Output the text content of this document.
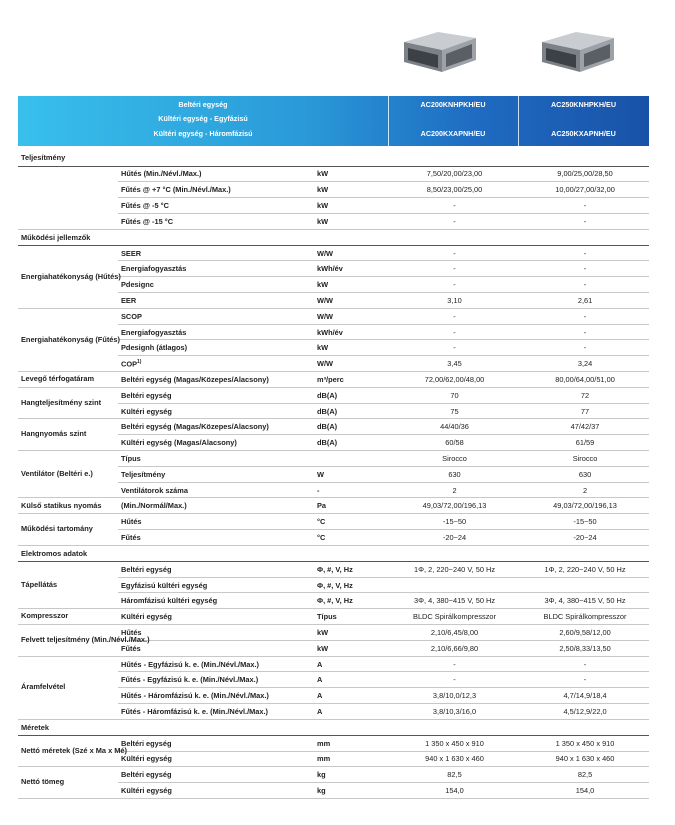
Beltéri egység
Kültéri egység - Egyfázisú
Kültéri egység - Háromfázisú
AC200KNHPKH/EU
AC200KXAPNH/EU
AC250KNHPKH/EU
AC250KXAPNH/EU
Teljesítmény				
	Hűtés (Min./Névl./Max.)	kW	7,50/20,00/23,00	9,00/25,00/28,50
	Fűtés @ +7 °C (Min./Névl./Max.)	kW	8,50/23,00/25,00	10,00/27,00/32,00
	Fűtés @ -5 °C	kW	-	-
	Fűtés @ -15 °C	kW	-	-
Működési jellemzők				
Energiahatékonyság (Hűtés)	SEER	W/W	-	-
	Energiafogyasztás	kWh/év	-	-
	Pdesignc	kW	-	-
	EER	W/W	3,10	2,61
Energiahatékonyság (Fűtés)	SCOP	W/W	-	-
	Energiafogyasztás	kWh/év	-	-
	Pdesignh (átlagos)	kW	-	-
	COP$^{1)}$	W/W	3,45	3,24
Levegő térfogatáram	Beltéri egység (Magas/Közepes/Alacsony)	m³/perc	72,00/62,00/48,00	80,00/64,00/51,00
Hangteljesítmény szint	Beltéri egység	dB(A)	70	72
	Kültéri egység	dB(A)	75	77
Hangnyomás szint	Beltéri egység (Magas/Közepes/Alacsony)	dB(A)	44/40/36	47/42/37
	Kültéri egység (Magas/Alacsony)	dB(A)	60/58	61/59
Ventilátor (Beltéri e.)	Típus		Sirocco	Sirocco
	Teljesítmény	W	630	630
	Ventilátorok száma	-	2	2
Külső statikus nyomás	(Min./Normál/Max.)	Pa	49,03/72,00/196,13	49,03/72,00/196,13
Működési tartomány	Hűtés	°C	-15~50	-15~50
	Fűtés	°C	-20~24	-20~24
Elektromos adatok				
Tápellátás	Beltéri egység	Φ, #, V, Hz	1Φ, 2, 220~240 V, 50 Hz	1Φ, 2, 220~240 V, 50 Hz
	Egyfázisú kültéri egység	Φ, #, V, Hz		
	Háromfázisú kültéri egység	Φ, #, V, Hz	3Φ, 4, 380~415 V, 50 Hz	3Φ, 4, 380~415 V, 50 Hz
Kompresszor	Kültéri egység	Típus	BLDC Spirálkompresszor	BLDC Spirálkompresszor
Felvett teljesítmény (Min./Névl./Max.)	Hűtés	kW	2,10/6,45/8,00	2,60/9,58/12,00
	Fűtés	kW	2,10/6,66/9,80	2,50/8,33/13,50
Áramfelvétel	Hűtés - Egyfázisú k. e. (Min./Névl./Max.)	A	-	-
	Fűtés - Egyfázisú k. e. (Min./Névl./Max.)	A	-	-
	Hűtés - Háromfázisú k. e. (Min./Névl./Max.)	A	3,8/10,0/12,3	4,7/14,9/18,4
	Fűtés - Háromfázisú k. e. (Min./Névl./Max.)	A	3,8/10,3/16,0	4,5/12,9/22,0
Méretek				
Nettó méretek (Szé x Ma x Mé)	Beltéri egység	mm	1 350 x 450 x 910	1 350 x 450 x 910
	Kültéri egység	mm	940 x 1 630 x 460	940 x 1 630 x 460
Nettó tömeg	Beltéri egység	kg	82,5	82,5
	Kültéri egység	kg	154,0	154,0
